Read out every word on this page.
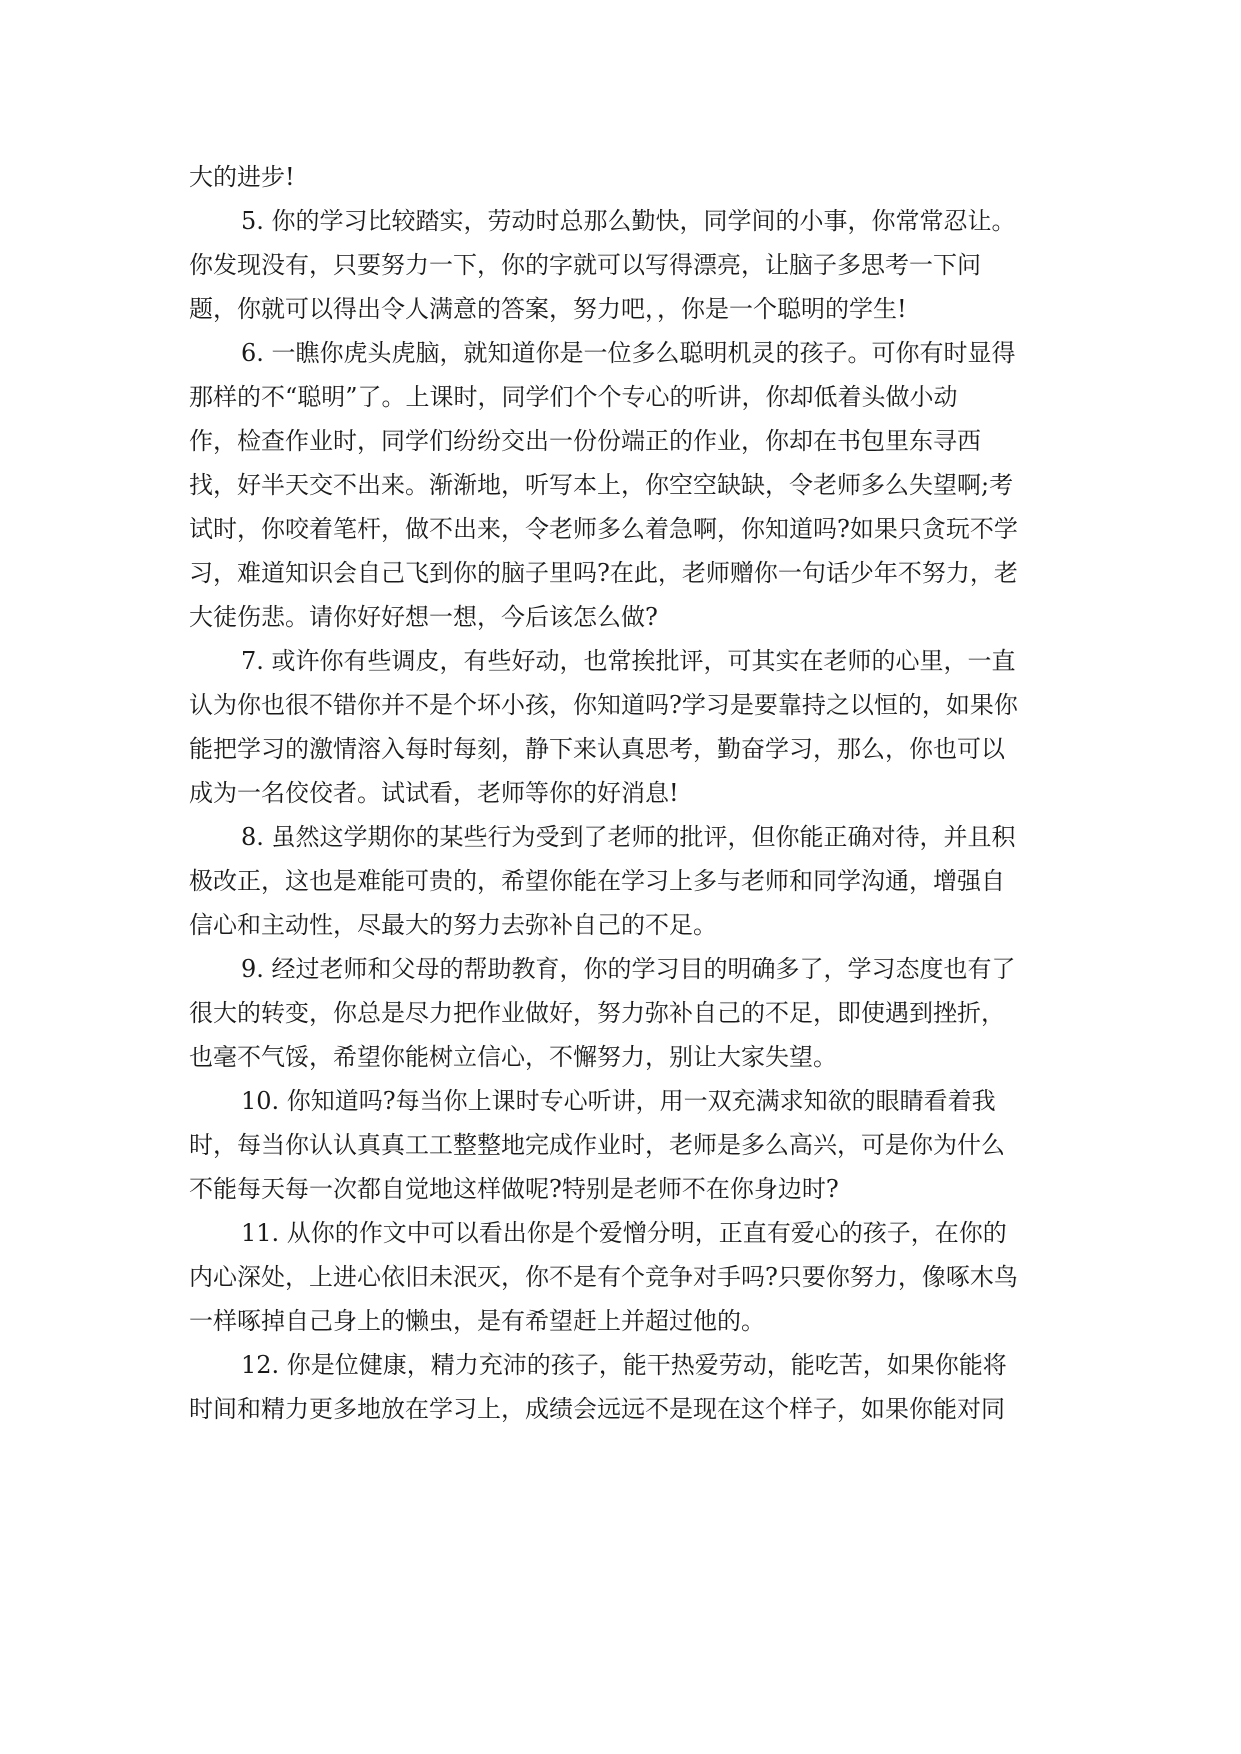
大的进步!
5. 你的学习比较踏实，劳动时总那么勤快，同学间的小事，你常常忍让。
你发现没有，只要努力一下，你的字就可以写得漂亮，让脑子多思考一下问
题，你就可以得出令人满意的答案，努力吧，，你是一个聪明的学生!
6. 一瞧你虎头虎脑，就知道你是一位多么聪明机灵的孩子。可你有时显得
那样的不“聪明”了。上课时，同学们个个专心的听讲，你却低着头做小动
作，检查作业时，同学们纷纷交出一份份端正的作业，你却在书包里东寻西
找，好半天交不出来。渐渐地，听写本上，你空空缺缺，令老师多么失望啊;考
试时，你咬着笔杆，做不出来，令老师多么着急啊，你知道吗?如果只贪玩不学
习，难道知识会自己飞到你的脑子里吗?在此，老师赠你一句话少年不努力，老
大徒伤悲。请你好好想一想，今后该怎么做?
7. 或许你有些调皮，有些好动，也常挨批评，可其实在老师的心里，一直
认为你也很不错你并不是个坏小孩，你知道吗?学习是要靠持之以恒的，如果你
能把学习的激情溶入每时每刻，静下来认真思考，勤奋学习，那么，你也可以
成为一名佼佼者。试试看，老师等你的好消息!
8. 虽然这学期你的某些行为受到了老师的批评，但你能正确对待，并且积
极改正，这也是难能可贵的，希望你能在学习上多与老师和同学沟通，增强自
信心和主动性，尽最大的努力去弥补自己的不足。
9. 经过老师和父母的帮助教育，你的学习目的明确多了，学习态度也有了
很大的转变，你总是尽力把作业做好，努力弥补自己的不足，即使遇到挫折，
也毫不气馁，希望你能树立信心，不懈努力，别让大家失望。
10. 你知道吗?每当你上课时专心听讲，用一双充满求知欲的眼睛看着我
时，每当你认认真真工工整整地完成作业时，老师是多么高兴，可是你为什么
不能每天每一次都自觉地这样做呢?特别是老师不在你身边时?
11. 从你的作文中可以看出你是个爱憎分明，正直有爱心的孩子，在你的
内心深处，上进心依旧未泯灭，你不是有个竞争对手吗?只要你努力，像啄木鸟
一样啄掉自己身上的懒虫，是有希望赶上并超过他的。
12. 你是位健康，精力充沛的孩子，能干热爱劳动，能吃苦，如果你能将
时间和精力更多地放在学习上，成绩会远远不是现在这个样子，如果你能对同
